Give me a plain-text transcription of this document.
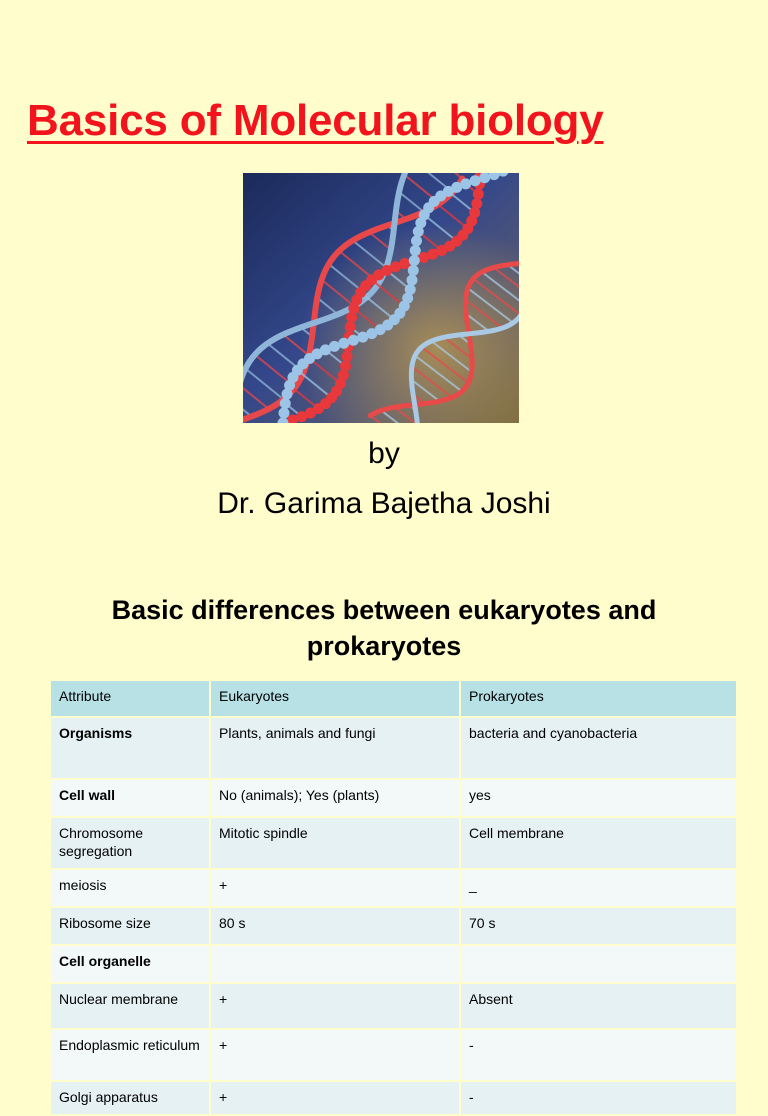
Basics of Molecular biology
by
Dr. Garima Bajetha Joshi
Basic differences between eukaryotes and prokaryotes
Attribute	Eukaryotes	Prokaryotes
Organisms	Plants, animals and fungi	bacteria and cyanobacteria
Cell wall	No (animals); Yes (plants)	yes
Chromosome segregation	Mitotic spindle	Cell membrane
meiosis	+	_
Ribosome size	80 s	70 s
Cell organelle		
Nuclear membrane	+	Absent
Endoplasmic reticulum	+	-
Golgi apparatus	+	-
